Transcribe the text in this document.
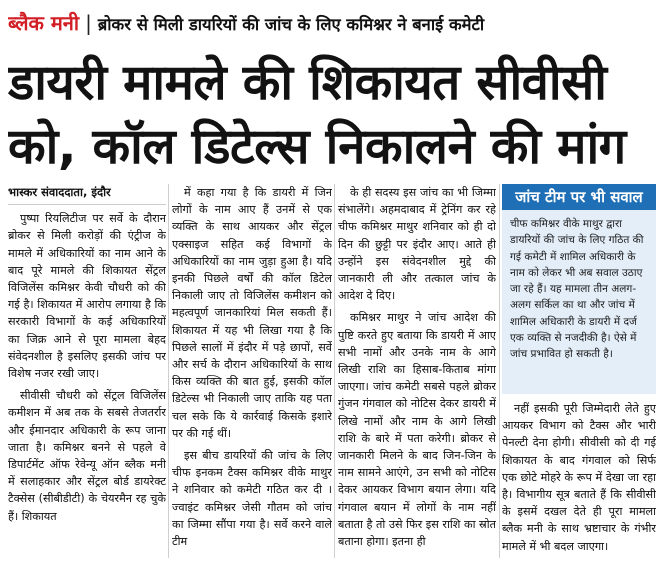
ब्लैक मनी | ब्रोकर से मिली डायरियों की जांच के लिए कमिश्नर ने बनाई कमेटी
डायरी मामले की शिकायत सीवीसी
को, कॉल डिटेल्स निकालने की मांग

भास्कर संवाददाता, इंदौर

पुष्पा रियलिटीज पर सर्वे के दौरान ब्रोकर से मिली करोड़ों की एंट्रीज के मामले में अधिकारियों का नाम आने के बाद पूरे मामले की शिकायत सेंट्रल विजिलेंस कमिश्नर केवी चौधरी को की गई है। शिकायत में आरोप लगाया है कि सरकारी विभागों के कई अधिकारियों का जिक्र आने से पूरा मामला बेहद संवेदनशील है इसलिए इसकी जांच पर विशेष नजर रखी जाए।

सीवीसी चौधरी को सेंट्रल विजिलेंस कमीशन में अब तक के सबसे तेजतर्रार और ईमानदार अधिकारी के रूप जाना जाता है। कमिश्नर बनने से पहले वे डिपार्टमेंट ऑफ रेवेन्यू ऑन ब्लैक मनी में सलाहकार और सेंट्रल बोर्ड डायरेक्ट टैक्सेस (सीबीडीटी) के चेयरमैन रह चुके हैं। शिकायत

में कहा गया है कि डायरी में जिन लोगों के नाम आए हैं उनमें से एक व्यक्ति के साथ आयकर और सेंट्रल एक्साइज सहित कई विभागों के अधिकारियों का नाम जुड़ा हुआ है। यदि इनकी पिछले वर्षों की कॉल डिटेल निकाली जाए तो विजिलेंस कमीशन को महत्वपूर्ण जानकारियां मिल सकती हैं। शिकायत में यह भी लिखा गया है कि पिछले सालों में इंदौर में पड़े छापों, सर्वे और सर्च के दौरान अधिकारियों के साथ किस व्यक्ति की बात हुई, इसकी कॉल डिटेल्स भी निकाली जाए ताकि यह पता चल सके कि ये कार्रवाई किसके इशारे पर की गई थीं।

इस बीच डायरियों की जांच के लिए चीफ इनकम टैक्स कमिश्नर वीके माथुर ने शनिवार को कमेटी गठित कर दी । ज्वाइंट कमिश्नर जेसी गौतम को जांच का जिम्मा सौंपा गया है। सर्वे करने वाले टीम

के ही सदस्य इस जांच का भी जिम्मा संभालेंगे। अहमदाबाद में ट्रेनिंग कर रहे चीफ कमिश्नर माथुर शनिवार को ही दो दिन की छुट्टी पर इंदौर आए। आते ही उन्होंने इस संवेदनशील मुद्दे की जानकारी ली और तत्काल जांच के आदेश दे दिए।

कमिश्नर माथुर ने जांच आदेश की पुष्टि करते हुए बताया कि डायरी में आए सभी नामों और उनके नाम के आगे लिखी राशि का हिसाब-किताब मांगा जाएगा। जांच कमेटी सबसे पहले ब्रोकर गुंजन गंगवाल को नोटिस देकर डायरी में लिखे नामों और नाम के आगे लिखी राशि के बारे में पता करेगी। ब्रोकर से जानकारी मिलने के बाद जिन-जिन के नाम सामने आएंगे, उन सभी को नोटिस देकर आयकर विभाग बयान लेगा। यदि गंगवाल बयान में लोगों के नाम नहीं बताता है तो उसे फिर इस राशि का स्रोत बताना होगा। इतना ही

जांच टीम पर भी सवाल
चीफ कमिश्नर वीके माथुर द्वारा डायरियों की जांच के लिए गठित की गई कमेटी में शामिल अधिकारी के नाम को लेकर भी अब सवाल उठाए जा रहे हैं। यह मामला तीन अलग-अलग सर्किल का था और जांच में शामिल अधिकारी के डायरी में दर्ज एक व्यक्ति से नजदीकी है। ऐसे में जांच प्रभावित हो सकती है।

नहीं इसकी पूरी जिम्मेदारी लेते हुए आयकर विभाग को टैक्स और भारी पेनल्टी देना होगी। सीवीसी को दी गई शिकायत के बाद गंगवाल को सिर्फ एक छोटे मोहरे के रूप में देखा जा रहा है। विभागीय सूत्र बताते हैं कि सीवीसी के इसमें दखल देते ही पूरा मामला ब्लैक मनी के साथ भ्रष्टाचार के गंभीर मामले में भी बदल जाएगा।
